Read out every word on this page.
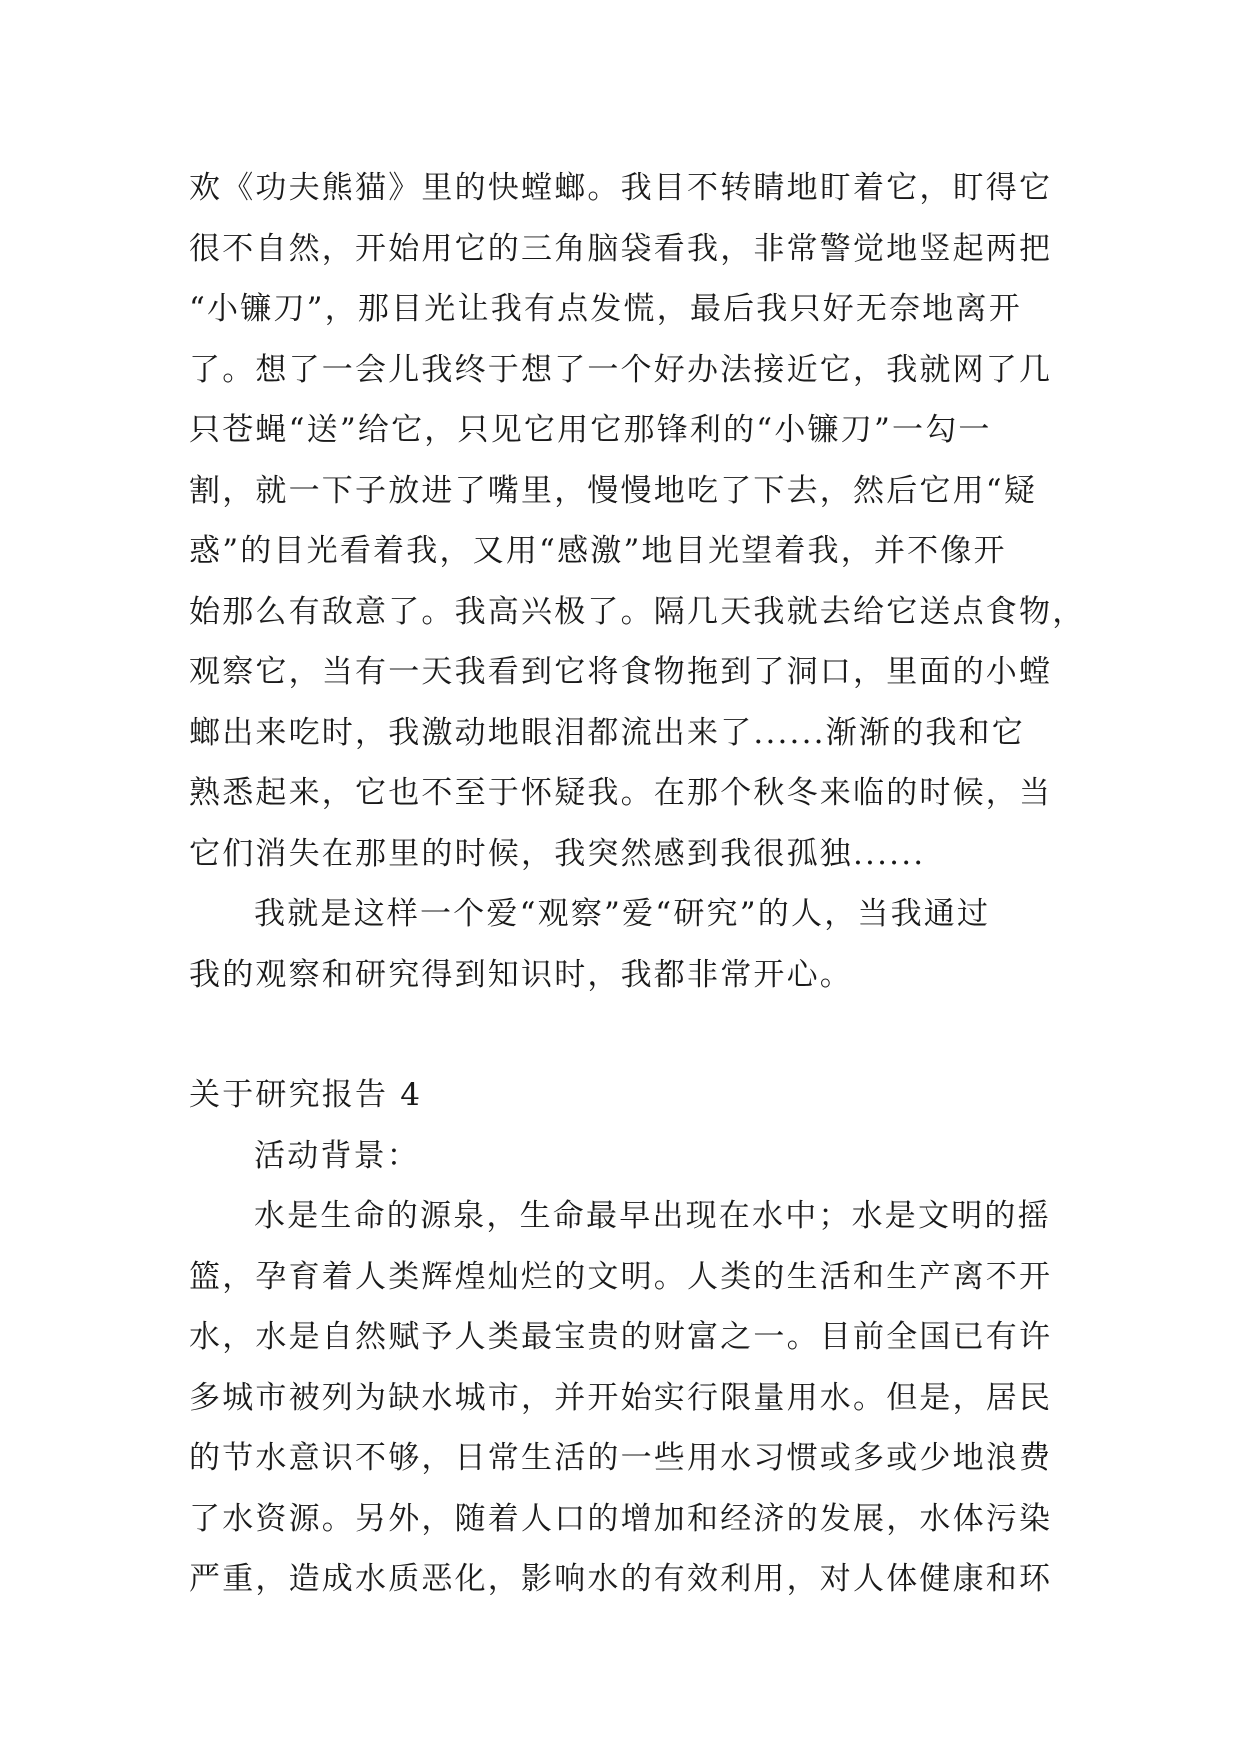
欢《功夫熊猫》里的快螳螂。我目不转睛地盯着它，盯得它
很不自然，开始用它的三角脑袋看我，非常警觉地竖起两把
“小镰刀”，那目光让我有点发慌，最后我只好无奈地离开
了。想了一会儿我终于想了一个好办法接近它，我就网了几
只苍蝇“送”给它，只见它用它那锋利的“小镰刀”一勾一
割，就一下子放进了嘴里，慢慢地吃了下去，然后它用“疑
惑”的目光看着我，又用“感激”地目光望着我，并不像开
始那么有敌意了。我高兴极了。隔几天我就去给它送点食物，
观察它，当有一天我看到它将食物拖到了洞口，里面的小螳
螂出来吃时，我激动地眼泪都流出来了......渐渐的我和它
熟悉起来，它也不至于怀疑我。在那个秋冬来临的时候，当
它们消失在那里的时候，我突然感到我很孤独......
我就是这样一个爱“观察”爱“研究”的人，当我通过
我的观察和研究得到知识时，我都非常开心。
关于研究报告 4
活动背景：
水是生命的源泉，生命最早出现在水中；水是文明的摇
篮，孕育着人类辉煌灿烂的文明。人类的生活和生产离不开
水，水是自然赋予人类最宝贵的财富之一。目前全国已有许
多城市被列为缺水城市，并开始实行限量用水。但是，居民
的节水意识不够，日常生活的一些用水习惯或多或少地浪费
了水资源。另外，随着人口的增加和经济的发展，水体污染
严重，造成水质恶化，影响水的有效利用，对人体健康和环
